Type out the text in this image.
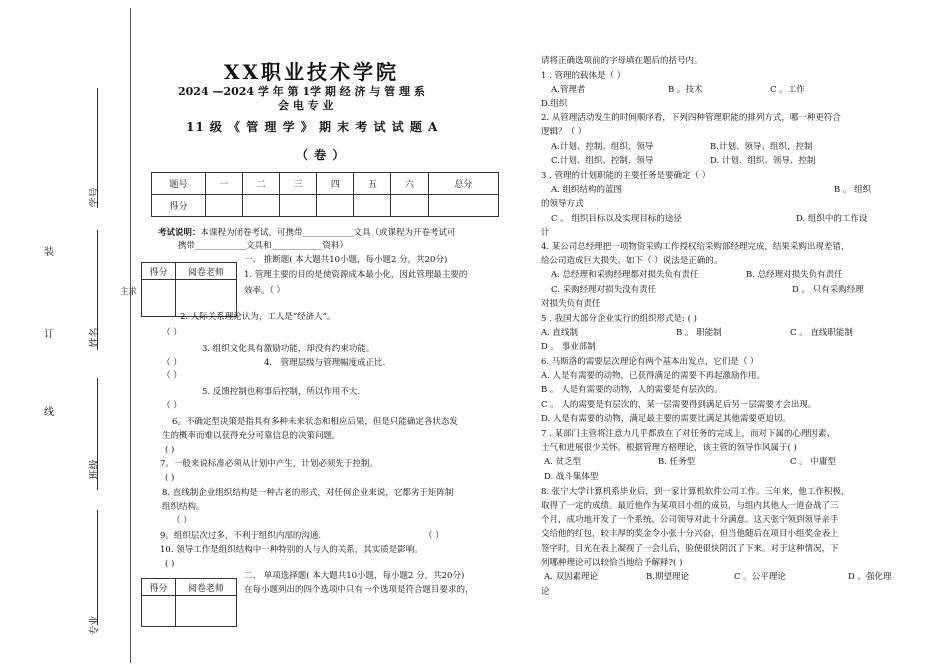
装
订
线
学号
姓名
班级
专业
主求
XX职业技术学院
2024 —2024 学 年 第 1学 期 经 济 与 管 理 系
会 电 专 业
11 级 《 管 理 学 》 期 末 考 试 试 题 A
（ 卷 ）
题号	一	二	三	四	五	六	总分
得分							
考试说明：本课程为闭卷考试，可携带____________文具（或课程为开卷考试可
携带____________文具和____________资料）
得分	阅卷老师

一、 推断题( 本大题共10小题，每小题2 分，共20分)
1. 管理主要的目的是使资源成本最小化，因此管理最主要的
效率。（ ）
2. 人际关系理论认为，工人是“经济人”。
（ ）
3. 组织文化具有激励功能，却没有约束功能。
（ ）	4． 管理层级与管理幅度成正比.
（ ）
5. 反馈控制也称事后控制，所以作用不大.
（ ）
6。不确定型决策是指具有多种未来状态和相应后果，但是只能确定各状态发
生的概率而难以获得充分可靠信息的决策问题。
( )
7。一般来说标准必须从计划中产生，计划必须先于控制。
( )
8. 直线制企业组织结构是一种古老的形式，对任何企业来说，它都劣于矩阵制
组织结构。
（ ）
9。组织层次过多，不利于组织内部的沟通.	（ ）
10. 领导工作是组织结构中一种特别的人与人的关系，其实质是影响。
( )
得分	阅卷老师

二、 单项选择题( 本大题共10小题，每小题2 分，共20分)
在每小题列出的四个选项中只有一个选项是符合题目要求的，
请将正确选项前的字母填在题后的括号内。
1 . 管理的载体是（ ）
A.管理者	B 。技术	C 。工作
D.组织
2. 从管理活动发生的时间顺序看，下列四种管理职能的排列方式，哪一种更符合
逻辑？（ ）
A.计划、控制、组织、领导	B.计划、领导、组织、控制
C.计划、组织、控制、领导	D. 计划、组织、领导、控制
3 . 管理的计划职能的主要任务是要确定（ ）
A. 组织结构的蓝图	B 。 组织
的领导方式
C 。 组织目标以及实现目标的途径	D. 组织中的工作设
计
4. 某公司总经理把一项物资采购工作授权给采购部经理完成，结果采购出现差错，
给公司造成巨大损失。如下（ ）说法是正确的。
A. 总经理和采购经理都对损失负有责任	B. 总经理对损失负有责任
C. 采购经理对损失没有责任	D 。 只有采购经理
对损失负有责任
5 . 我国大部分企业实行的组织形式是: ( )
A. 直线制	B 。 职能制	C 。 直线职能制
D 。 事业部制
6. 马斯洛的需要层次理论有两个基本出发点，它们是（ ）
A. 人是有需要的动物，已获得满足的需要不再起激励作用。
B 。 人是有需要的动物，人的需要是有层次的。
C 。 人的需要是有层次的，某一层需要得到满足后另一层需要才会出现。
D. 人是有需要的动物，满足最主要的需要比满足其他需要更迫切。
7 . 某部门主管将注意力几乎都放在了对任务的完成上，而对下属的心理因素、
士气和进展很少关怀。根据管理方格理论，该主管的领导作风属于( )
A. 贫乏型	B. 任务型	C 。 中庸型
D. 战斗集体型
8. 张宁大学计算机系毕业后，到一家计算机软件公司工作。三年来，他工作积极，
取得了一定的成绩。最近他作为某项目小组的成员，与组内其他人一道奋战了三
个月，成功地开发了一个系统，公司领导对此十分满意。这天张宁领到领导亲手
交给他的红包，较丰厚的奖金令小张十分兴奋，但当他随后在项目小组奖金表上
签字时，目光在表上凝视了一会儿后，脸便很快阴沉了下来。对于这种情况，下
列哪种理论可以较恰当地给予解释?( )
A. 双因素理论	B.期望理论	C 。公平理论	D 。强化理
论
